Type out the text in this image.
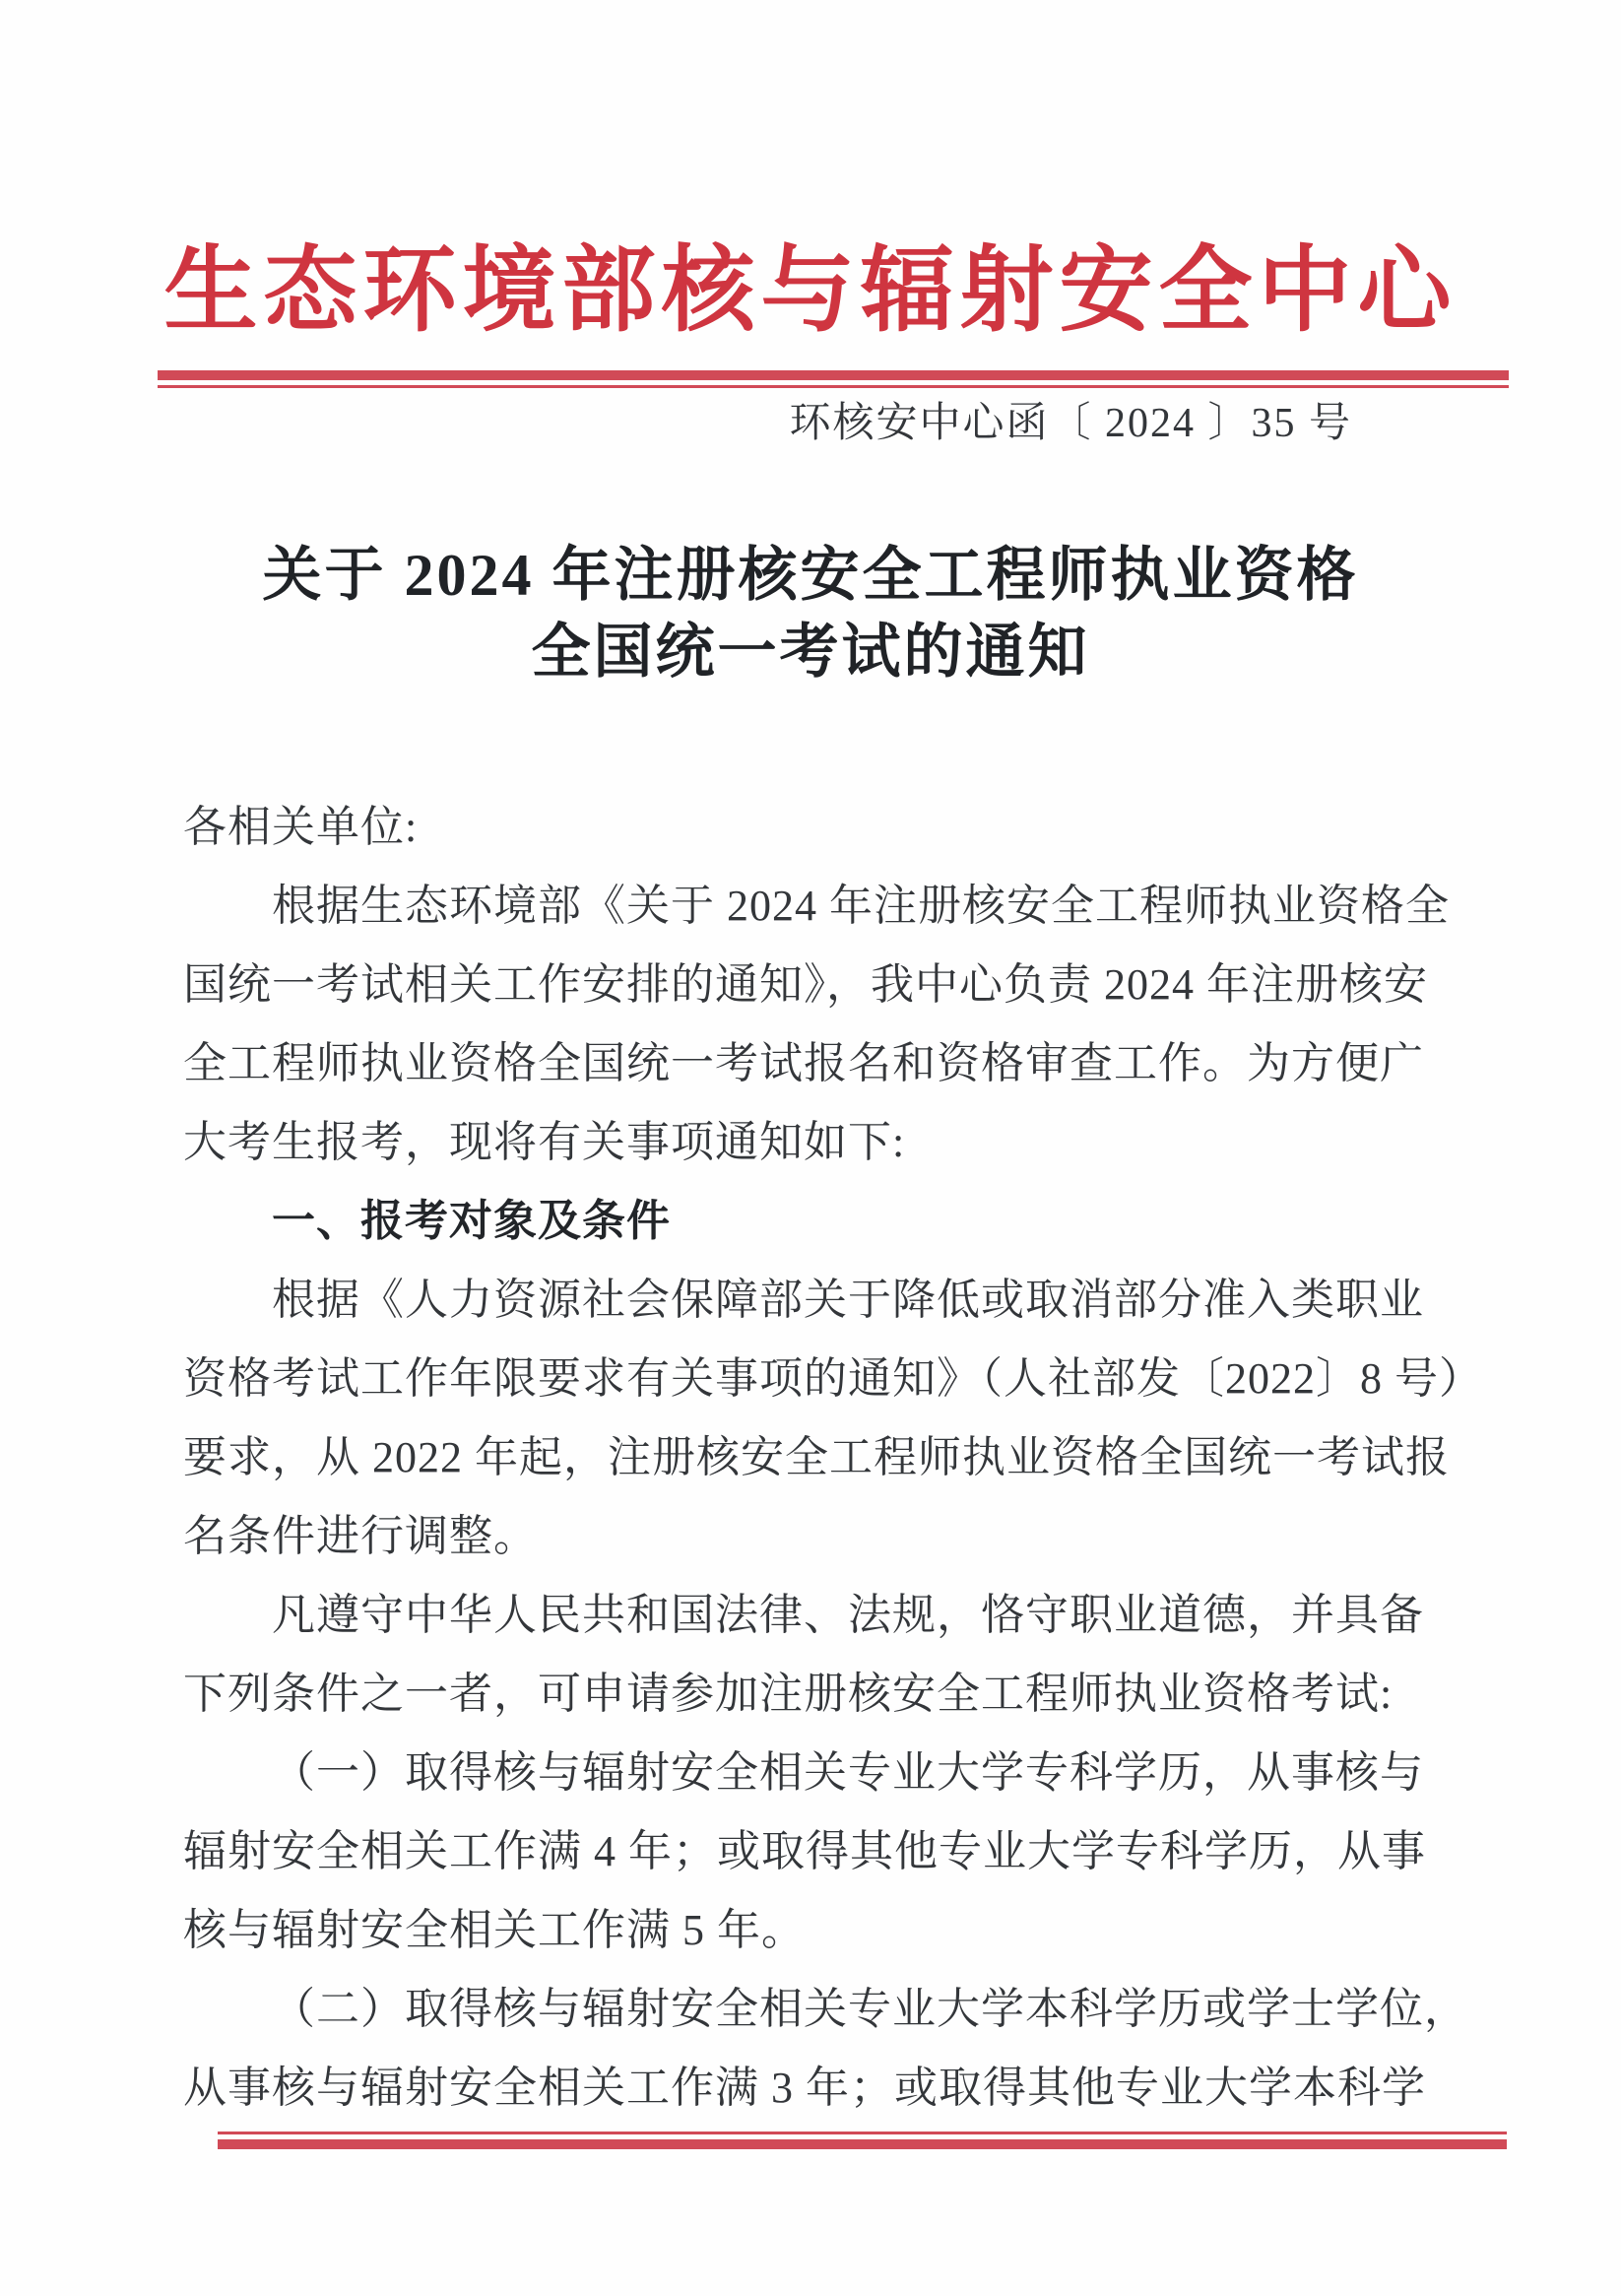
生态环境部核与辐射安全中心
环核安中心函〔 2024 〕35 号
关于 2024 年注册核安全工程师执业资格
全国统一考试的通知
各相关单位:
根据生态环境部《关于 2024 年注册核安全工程师执业资格全
国统一考试相关工作安排的通知》，我中心负责 2024 年注册核安
全工程师执业资格全国统一考试报名和资格审查工作。为方便广
大考生报考，现将有关事项通知如下:
一、报考对象及条件
根据《人力资源社会保障部关于降低或取消部分准入类职业
资格考试工作年限要求有关事项的通知》（人社部发〔2022〕8 号）
要求，从 2022 年起，注册核安全工程师执业资格全国统一考试报
名条件进行调整。
凡遵守中华人民共和国法律、法规，恪守职业道德，并具备
下列条件之一者，可申请参加注册核安全工程师执业资格考试:
（一）取得核与辐射安全相关专业大学专科学历，从事核与
辐射安全相关工作满 4 年；或取得其他专业大学专科学历，从事
核与辐射安全相关工作满 5 年。
（二）取得核与辐射安全相关专业大学本科学历或学士学位，
从事核与辐射安全相关工作满 3 年；或取得其他专业大学本科学
